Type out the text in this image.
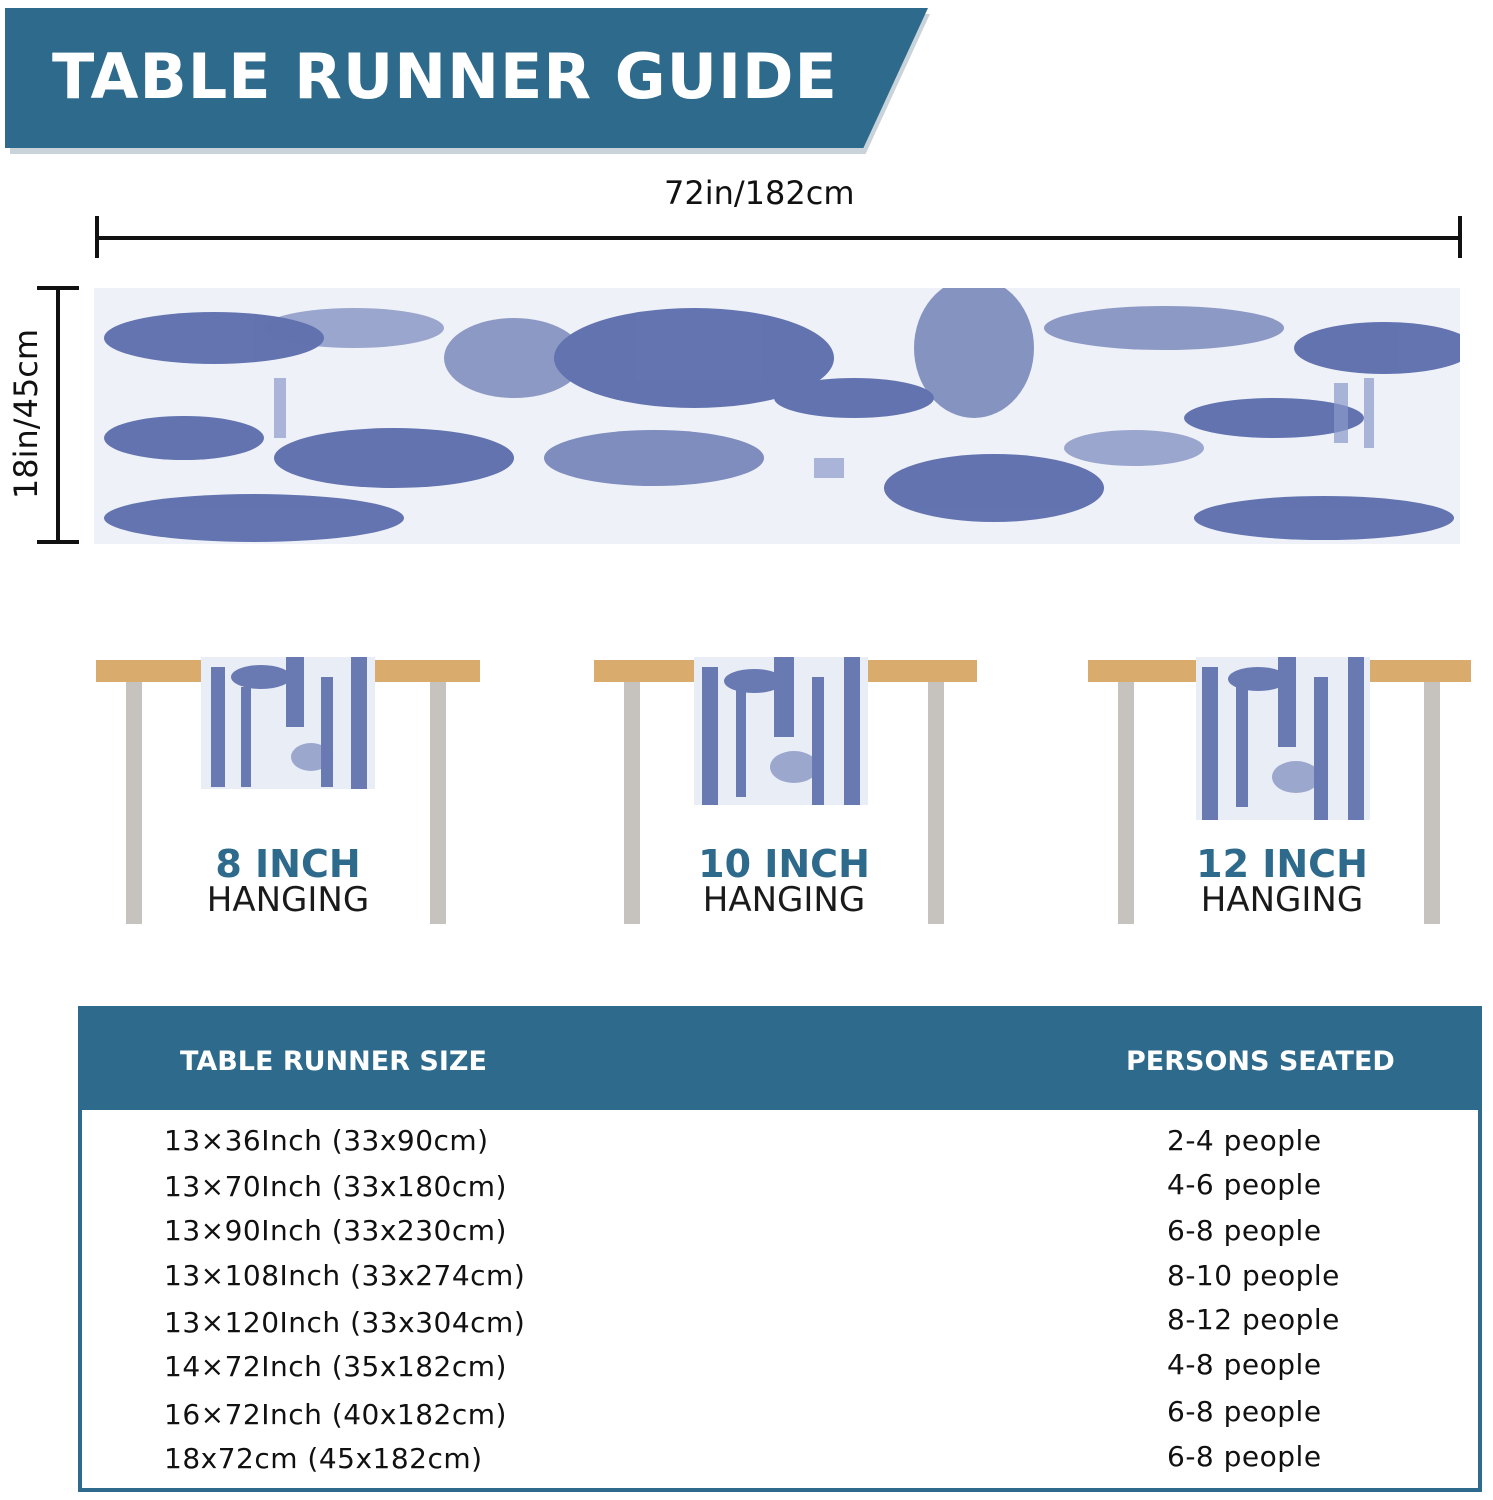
TABLE RUNNER GUIDE
72in/182cm
18in/45cm
8 INCH
HANGING
10 INCH
HANGING
12 INCH
HANGING
TABLE RUNNER SIZE	PERSONS SEATED
13×36Inch (33x90cm)	2-4 people
13×70Inch (33x180cm)	4-6 people
13×90Inch (33x230cm)	6-8 people
13×108Inch (33x274cm)	8-10 people
13×120Inch (33x304cm)	8-12 people
14×72Inch (35x182cm)	4-8 people
16×72Inch (40x182cm)	6-8 people
18x72cm (45x182cm)	6-8 people
